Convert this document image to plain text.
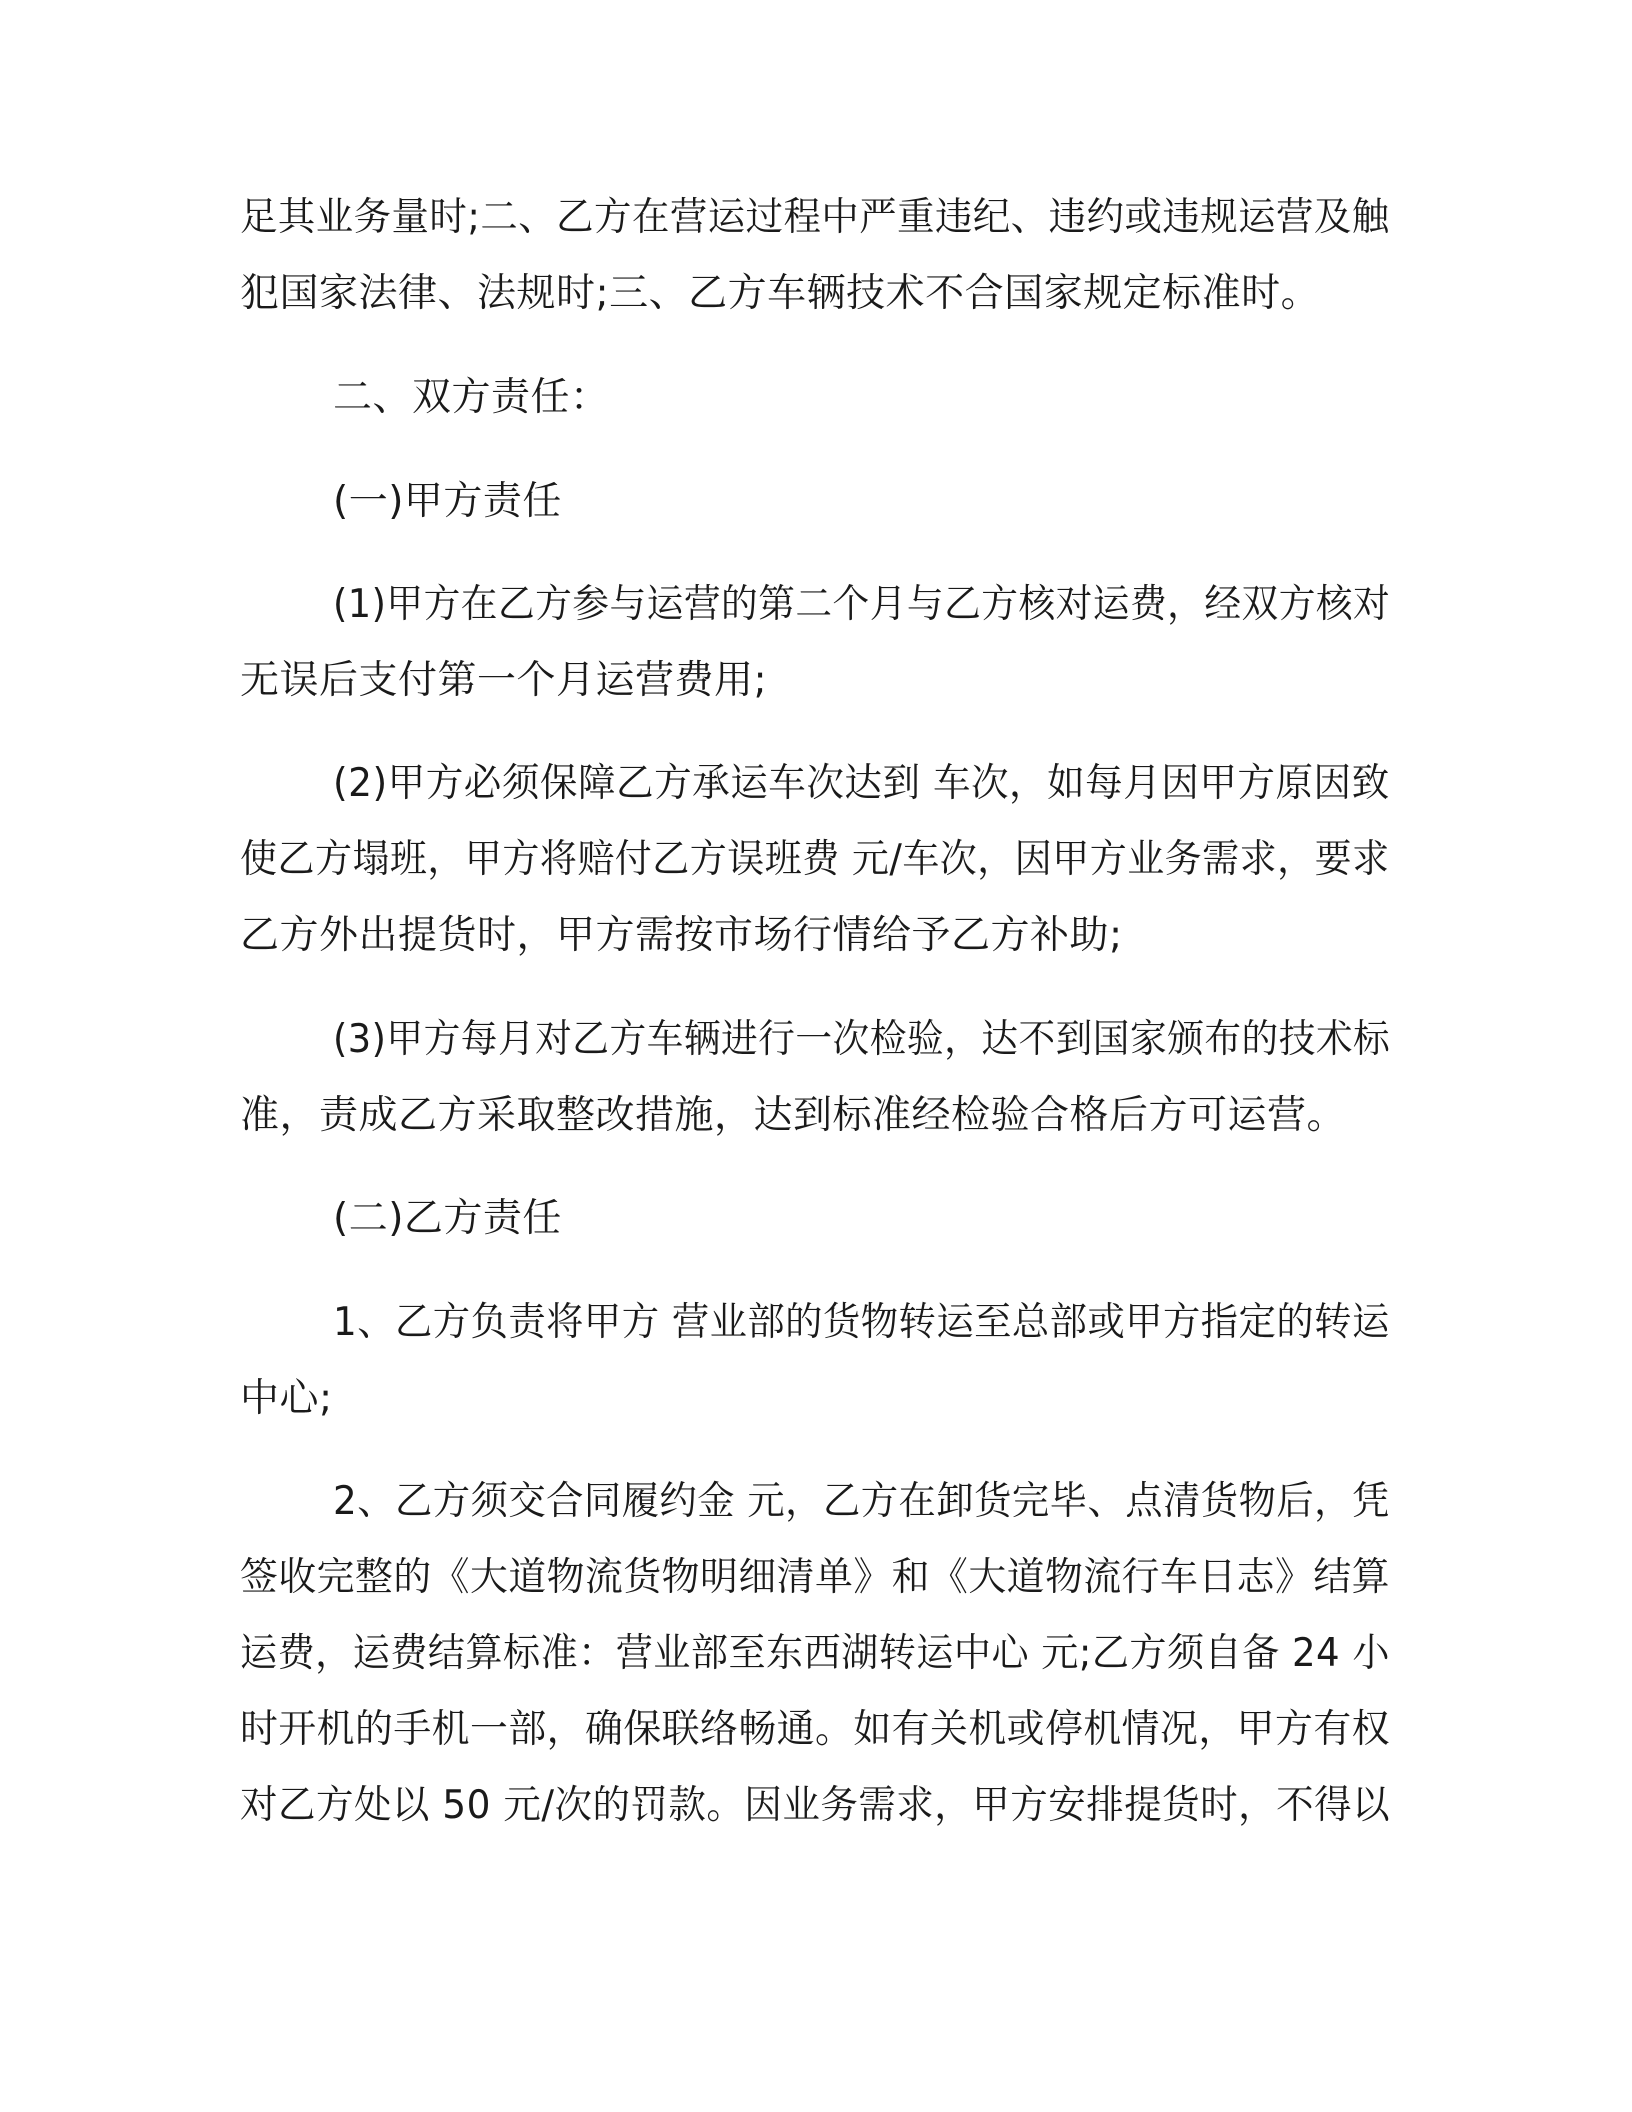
足其业务量时;二、乙方在营运过程中严重违纪、违约或违规运营及触
犯国家法律、法规时;三、乙方车辆技术不合国家规定标准时。
二、双方责任：
(一)甲方责任
(1)甲方在乙方参与运营的第二个月与乙方核对运费，经双方核对
无误后支付第一个月运营费用;
(2)甲方必须保障乙方承运车次达到 车次，如每月因甲方原因致
使乙方塌班，甲方将赔付乙方误班费 元/车次，因甲方业务需求，要求
乙方外出提货时，甲方需按市场行情给予乙方补助;
(3)甲方每月对乙方车辆进行一次检验，达不到国家颁布的技术标
准，责成乙方采取整改措施，达到标准经检验合格后方可运营。
(二)乙方责任
1、乙方负责将甲方 营业部的货物转运至总部或甲方指定的转运
中心;
2、乙方须交合同履约金 元，乙方在卸货完毕、点清货物后，凭
签收完整的《大道物流货物明细清单》和《大道物流行车日志》结算
运费，运费结算标准：营业部至东西湖转运中心 元;乙方须自备 24 小
时开机的手机一部，确保联络畅通。如有关机或停机情况，甲方有权
对乙方处以 50 元/次的罚款。因业务需求，甲方安排提货时，不得以
